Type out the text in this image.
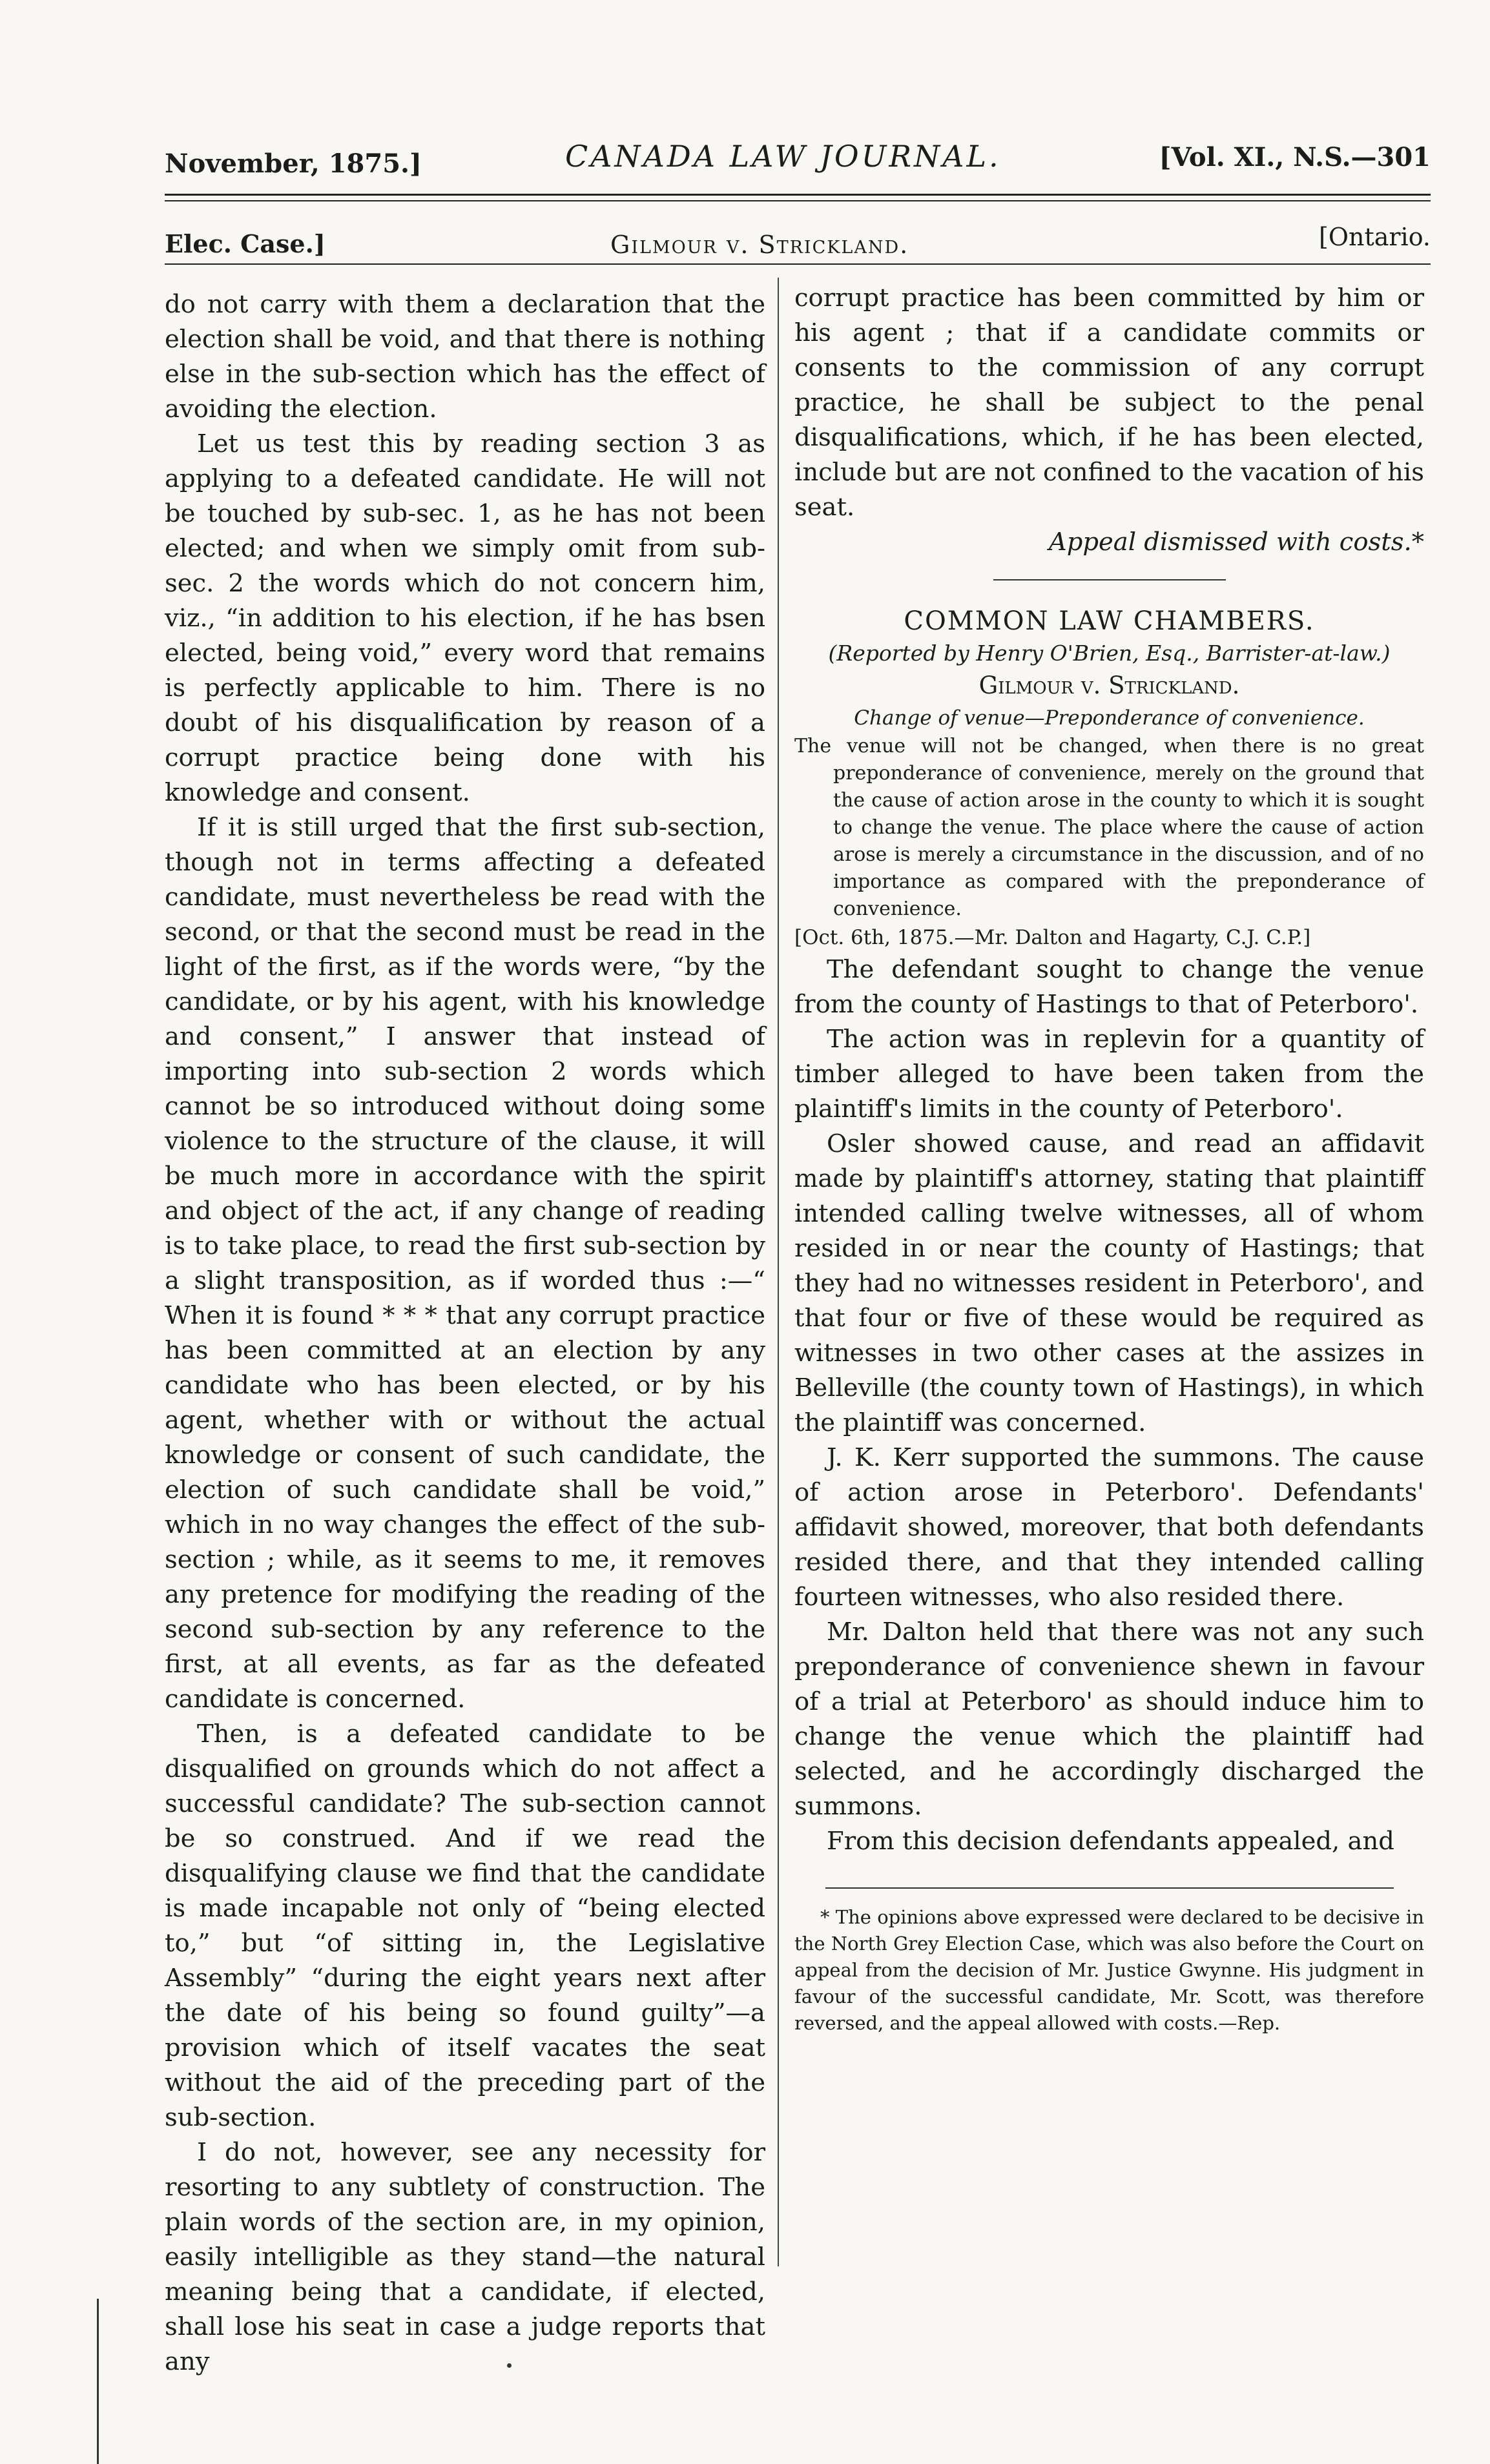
November, 1875.]	CANADA LAW JOURNAL.	[Vol. XI., N.S.—301
Elec. Case.]	Gilmour v. Strickland.	[Ontario.

do not carry with them a declaration that the election shall be void, and that there is nothing else in the sub-section which has the effect of avoiding the election.

Let us test this by reading section 3 as applying to a defeated candidate. He will not be touched by sub-sec. 1, as he has not been elected; and when we simply omit from sub-sec. 2 the words which do not concern him, viz., “in addition to his election, if he has bsen elected, being void,” every word that remains is perfectly applicable to him. There is no doubt of his disqualification by reason of a corrupt practice being done with his knowledge and consent.

If it is still urged that the first sub-section, though not in terms affecting a defeated candidate, must nevertheless be read with the second, or that the second must be read in the light of the first, as if the words were, “by the candidate, or by his agent, with his knowledge and consent,” I answer that instead of importing into sub-section 2 words which cannot be so introduced without doing some violence to the structure of the clause, it will be much more in accordance with the spirit and object of the act, if any change of reading is to take place, to read the first sub-section by a slight transposition, as if worded thus :—“ When it is found * * * that any corrupt practice has been committed at an election by any candidate who has been elected, or by his agent, whether with or without the actual knowledge or consent of such candidate, the election of such candidate shall be void,” which in no way changes the effect of the sub-section ; while, as it seems to me, it removes any pretence for modifying the reading of the second sub-section by any reference to the first, at all events, as far as the defeated candidate is concerned.

Then, is a defeated candidate to be disqualified on grounds which do not affect a successful candidate? The sub-section cannot be so construed. And if we read the disqualifying clause we find that the candidate is made incapable not only of “being elected to,” but “of sitting in, the Legislative Assembly” “during the eight years next after the date of his being so found guilty”—a provision which of itself vacates the seat without the aid of the preceding part of the sub-section.

I do not, however, see any necessity for resorting to any subtlety of construction. The plain words of the section are, in my opinion, easily intelligible as they stand—the natural meaning being that a candidate, if elected, shall lose his seat in case a judge reports that any

corrupt practice has been committed by him or his agent ; that if a candidate commits or consents to the commission of any corrupt practice, he shall be subject to the penal disqualifications, which, if he has been elected, include but are not confined to the vacation of his seat.

Appeal dismissed with costs.*

COMMON LAW CHAMBERS.

(Reported by Henry O'Brien, Esq., Barrister-at-law.)

Gilmour v. Strickland.

Change of venue—Preponderance of convenience.

The venue will not be changed, when there is no great preponderance of convenience, merely on the ground that the cause of action arose in the county to which it is sought to change the venue. The place where the cause of action arose is merely a circumstance in the discussion, and of no importance as compared with the preponderance of convenience.

[Oct. 6th, 1875.—Mr. Dalton and Hagarty, C.J. C.P.]

The defendant sought to change the venue from the county of Hastings to that of Peterboro'.

The action was in replevin for a quantity of timber alleged to have been taken from the plaintiff's limits in the county of Peterboro'.

Osler showed cause, and read an affidavit made by plaintiff's attorney, stating that plaintiff intended calling twelve witnesses, all of whom resided in or near the county of Hastings; that they had no witnesses resident in Peterboro', and that four or five of these would be required as witnesses in two other cases at the assizes in Belleville (the county town of Hastings), in which the plaintiff was concerned.

J. K. Kerr supported the summons. The cause of action arose in Peterboro'. Defendants' affidavit showed, moreover, that both defendants resided there, and that they intended calling fourteen witnesses, who also resided there.

Mr. Dalton held that there was not any such preponderance of convenience shewn in favour of a trial at Peterboro' as should induce him to change the venue which the plaintiff had selected, and he accordingly discharged the summons.

From this decision defendants appealed, and

* The opinions above expressed were declared to be decisive in the North Grey Election Case, which was also before the Court on appeal from the decision of Mr. Justice Gwynne. His judgment in favour of the successful candidate, Mr. Scott, was therefore reversed, and the appeal allowed with costs.—Rep.
